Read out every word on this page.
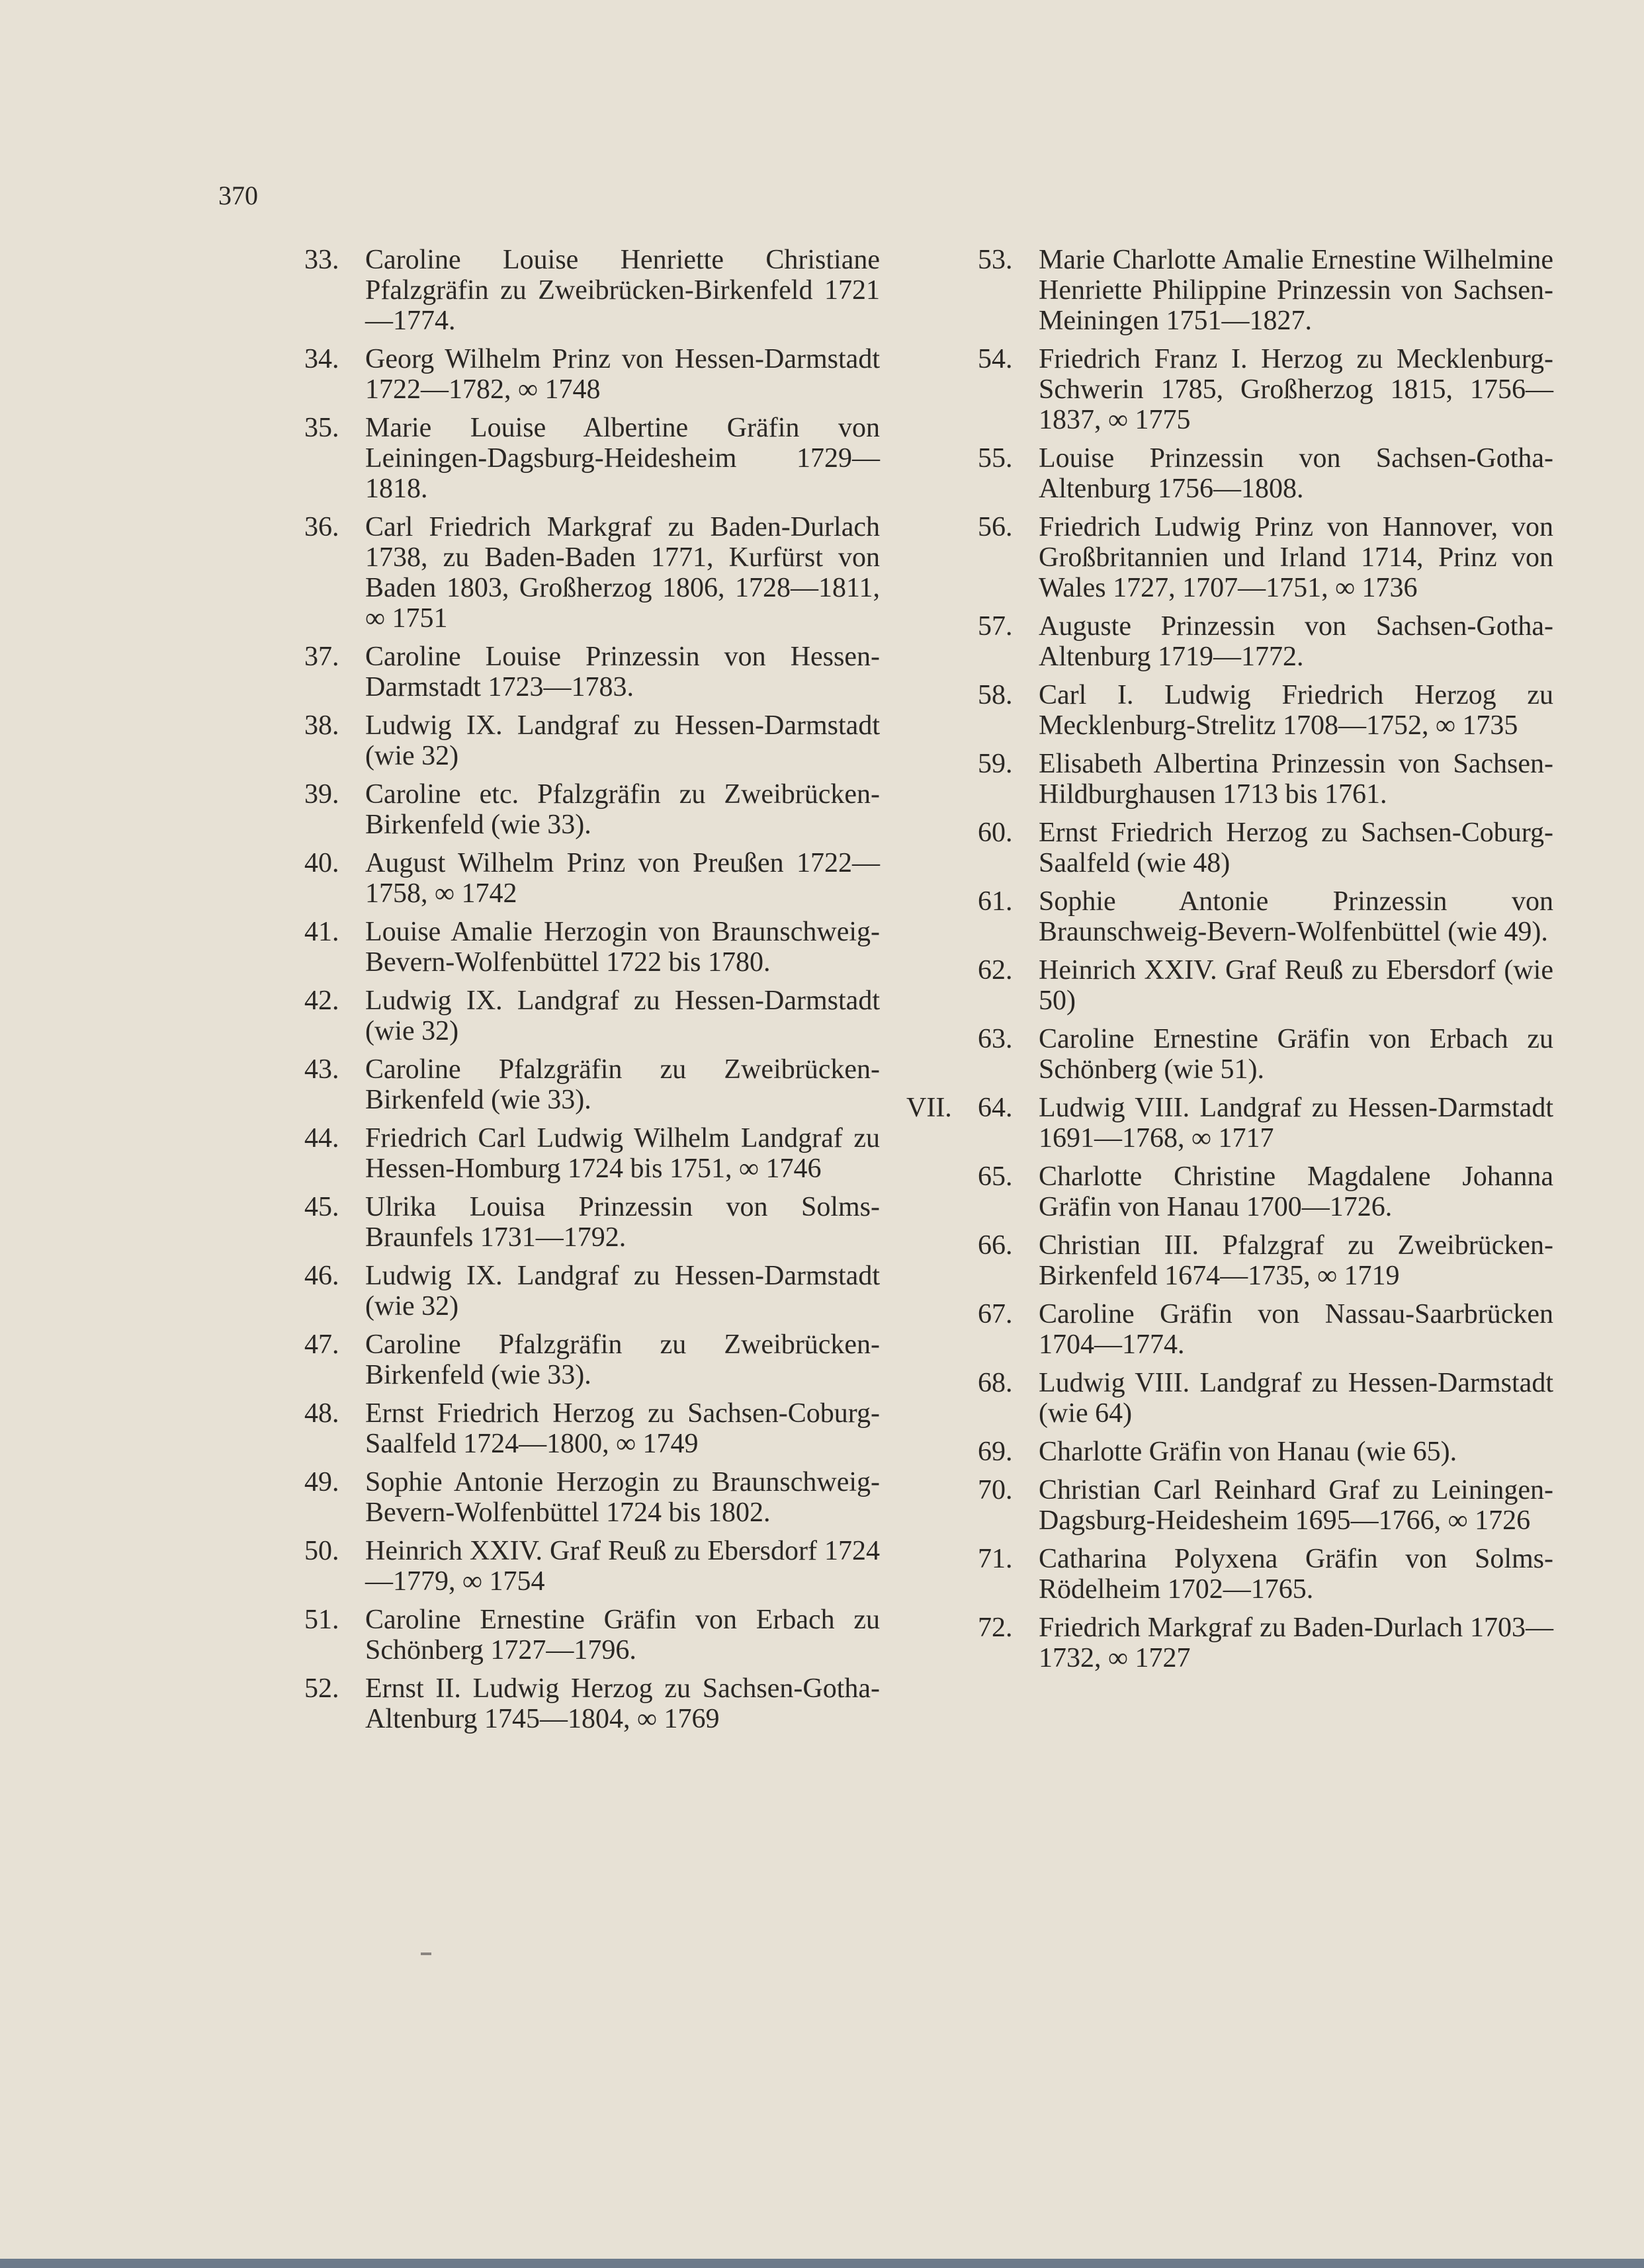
370
33. Caroline Louise Henriette Christiane Pfalzgräfin zu Zweibrücken-Birkenfeld 1721—1774.
34. Georg Wilhelm Prinz von Hessen-Darmstadt 1722—1782, ∞ 1748
35. Marie Louise Albertine Gräfin von Leiningen-Dagsburg-Heidesheim 1729—1818.
36. Carl Friedrich Markgraf zu Baden-Durlach 1738, zu Baden-Baden 1771, Kurfürst von Baden 1803, Großherzog 1806, 1728—1811, ∞ 1751
37. Caroline Louise Prinzessin von Hessen-Darmstadt 1723—1783.
38. Ludwig IX. Landgraf zu Hessen-Darmstadt (wie 32)
39. Caroline etc. Pfalzgräfin zu Zweibrücken-Birkenfeld (wie 33).
40. August Wilhelm Prinz von Preußen 1722—1758, ∞ 1742
41. Louise Amalie Herzogin von Braunschweig-Bevern-Wolfenbüttel 1722 bis 1780.
42. Ludwig IX. Landgraf zu Hessen-Darmstadt (wie 32)
43. Caroline Pfalzgräfin zu Zweibrücken-Birkenfeld (wie 33).
44. Friedrich Carl Ludwig Wilhelm Landgraf zu Hessen-Homburg 1724 bis 1751, ∞ 1746
45. Ulrika Louisa Prinzessin von Solms-Braunfels 1731—1792.
46. Ludwig IX. Landgraf zu Hessen-Darmstadt (wie 32)
47. Caroline Pfalzgräfin zu Zweibrücken-Birkenfeld (wie 33).
48. Ernst Friedrich Herzog zu Sachsen-Coburg-Saalfeld 1724—1800, ∞ 1749
49. Sophie Antonie Herzogin zu Braunschweig-Bevern-Wolfenbüttel 1724 bis 1802.
50. Heinrich XXIV. Graf Reuß zu Ebersdorf 1724—1779, ∞ 1754
51. Caroline Ernestine Gräfin von Erbach zu Schönberg 1727—1796.
52. Ernst II. Ludwig Herzog zu Sachsen-Gotha-Altenburg 1745—1804, ∞ 1769
53. Marie Charlotte Amalie Ernestine Wilhelmine Henriette Philippine Prinzessin von Sachsen-Meiningen 1751—1827.
54. Friedrich Franz I. Herzog zu Mecklenburg-Schwerin 1785, Großherzog 1815, 1756—1837, ∞ 1775
55. Louise Prinzessin von Sachsen-Gotha-Altenburg 1756—1808.
56. Friedrich Ludwig Prinz von Hannover, von Großbritannien und Irland 1714, Prinz von Wales 1727, 1707—1751, ∞ 1736
57. Auguste Prinzessin von Sachsen-Gotha-Altenburg 1719—1772.
58. Carl I. Ludwig Friedrich Herzog zu Mecklenburg-Strelitz 1708—1752, ∞ 1735
59. Elisabeth Albertina Prinzessin von Sachsen-Hildburghausen 1713 bis 1761.
60. Ernst Friedrich Herzog zu Sachsen-Coburg-Saalfeld (wie 48)
61. Sophie Antonie Prinzessin von Braunschweig-Bevern-Wolfenbüttel (wie 49).
62. Heinrich XXIV. Graf Reuß zu Ebersdorf (wie 50)
63. Caroline Ernestine Gräfin von Erbach zu Schönberg (wie 51).
VII. 64. Ludwig VIII. Landgraf zu Hessen-Darmstadt 1691—1768, ∞ 1717
65. Charlotte Christine Magdalene Johanna Gräfin von Hanau 1700—1726.
66. Christian III. Pfalzgraf zu Zweibrücken-Birkenfeld 1674—1735, ∞ 1719
67. Caroline Gräfin von Nassau-Saarbrücken 1704—1774.
68. Ludwig VIII. Landgraf zu Hessen-Darmstadt (wie 64)
69. Charlotte Gräfin von Hanau (wie 65).
70. Christian Carl Reinhard Graf zu Leiningen-Dagsburg-Heidesheim 1695—1766, ∞ 1726
71. Catharina Polyxena Gräfin von Solms-Rödelheim 1702—1765.
72. Friedrich Markgraf zu Baden-Durlach 1703—1732, ∞ 1727
